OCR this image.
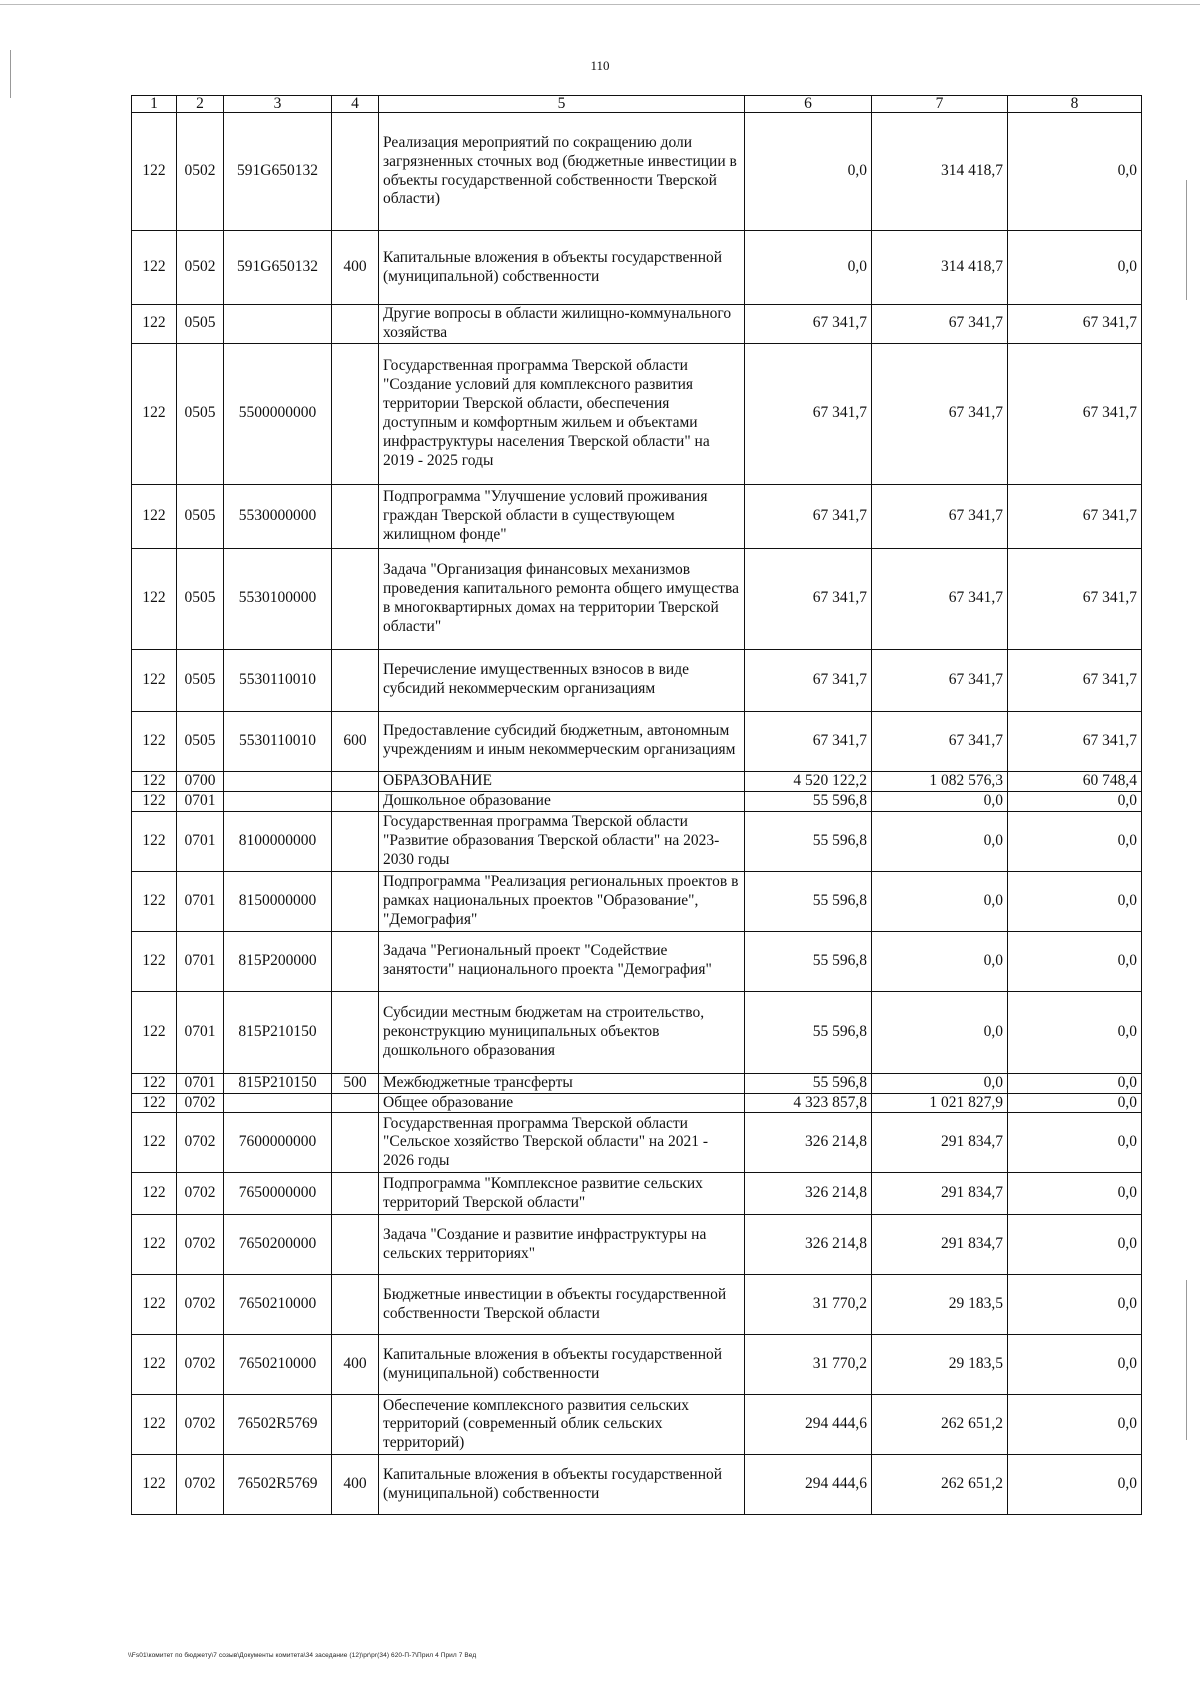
110
1	2	3	4	5	6	7	8
122	0502	591G650132		Реализация мероприятий по сокращению доли загрязненных сточных вод (бюджетные инвестиции в объекты государственной собственности Тверской области)	0,0	314 418,7	0,0
122	0502	591G650132	400	Капитальные вложения в объекты государственной (муниципальной) собственности	0,0	314 418,7	0,0
122	0505			Другие вопросы в области жилищно-коммунального хозяйства	67 341,7	67 341,7	67 341,7
122	0505	5500000000		Государственная программа Тверской области "Создание условий для комплексного развития территории Тверской области, обеспечения доступным и комфортным жильем и объектами инфраструктуры населения Тверской области" на 2019 - 2025 годы	67 341,7	67 341,7	67 341,7
122	0505	5530000000		Подпрограмма "Улучшение условий проживания граждан Тверской области в существующем жилищном фонде"	67 341,7	67 341,7	67 341,7
122	0505	5530100000		Задача "Организация финансовых механизмов проведения капитального ремонта общего имущества в многоквартирных домах на территории Тверской области"	67 341,7	67 341,7	67 341,7
122	0505	5530110010		Перечисление имущественных взносов в виде субсидий некоммерческим организациям	67 341,7	67 341,7	67 341,7
122	0505	5530110010	600	Предоставление субсидий бюджетным, автономным учреждениям и иным некоммерческим организациям	67 341,7	67 341,7	67 341,7
122	0700			ОБРАЗОВАНИЕ	4 520 122,2	1 082 576,3	60 748,4
122	0701			Дошкольное образование	55 596,8	0,0	0,0
122	0701	8100000000		Государственная программа Тверской области "Развитие образования Тверской области" на 2023-2030 годы	55 596,8	0,0	0,0
122	0701	8150000000		Подпрограмма "Реализация региональных проектов в рамках национальных проектов "Образование", "Демография"	55 596,8	0,0	0,0
122	0701	815P200000		Задача "Региональный проект "Содействие занятости" национального проекта "Демография"	55 596,8	0,0	0,0
122	0701	815P210150		Субсидии местным бюджетам на строительство, реконструкцию муниципальных объектов дошкольного образования	55 596,8	0,0	0,0
122	0701	815P210150	500	Межбюджетные трансферты	55 596,8	0,0	0,0
122	0702			Общее образование	4 323 857,8	1 021 827,9	0,0
122	0702	7600000000		Государственная программа Тверской области "Сельское хозяйство Тверской области" на 2021 - 2026 годы	326 214,8	291 834,7	0,0
122	0702	7650000000		Подпрограмма "Комплексное развитие сельских территорий Тверской области"	326 214,8	291 834,7	0,0
122	0702	7650200000		Задача "Создание и развитие инфраструктуры на сельских территориях"	326 214,8	291 834,7	0,0
122	0702	7650210000		Бюджетные инвестиции в объекты государственной собственности Тверской области	31 770,2	29 183,5	0,0
122	0702	7650210000	400	Капитальные вложения в объекты государственной (муниципальной) собственности	31 770,2	29 183,5	0,0
122	0702	76502R5769		Обеспечение комплексного развития сельских территорий (современный облик сельских территорий)	294 444,6	262 651,2	0,0
122	0702	76502R5769	400	Капитальные вложения в объекты государственной (муниципальной) собственности	294 444,6	262 651,2	0,0
\\Fs01\комитет по бюджету\7 созыв\Документы комитета\34 заседание (12)\pr\pr(34) 620-П-7\Прил 4 Прил 7 Вед
